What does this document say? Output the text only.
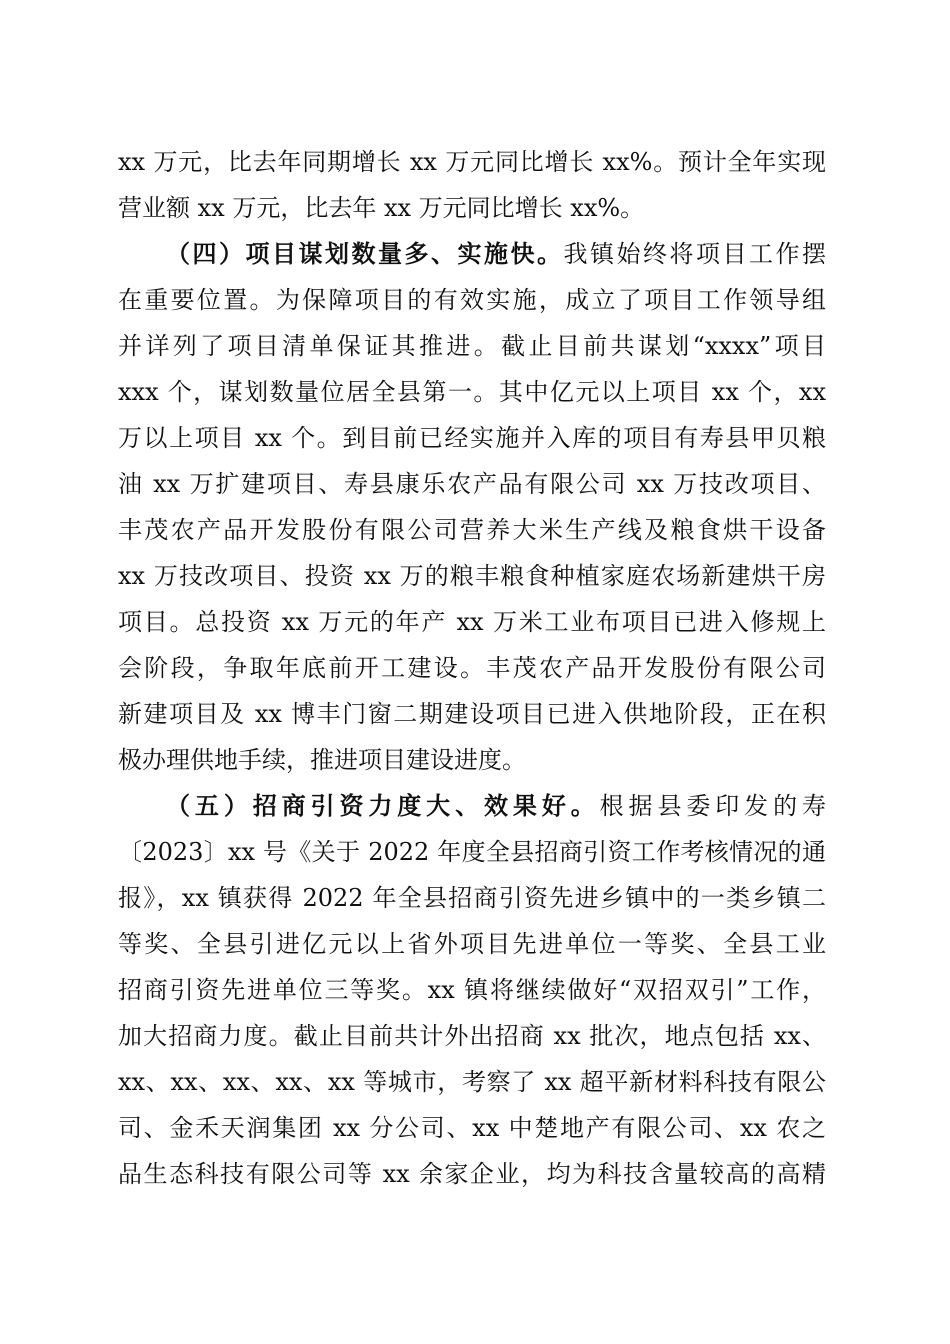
xx 万元，比去年同期增长 xx 万元同比增长 xx%。预计全年实现
营业额 xx 万元，比去年 xx 万元同比增长 xx%。
（四）项目谋划数量多、实施快。我镇始终将项目工作摆
在重要位置。为保障项目的有效实施，成立了项目工作领导组
并详列了项目清单保证其推进。截止目前共谋划“xxxx”项目
xxx 个，谋划数量位居全县第一。其中亿元以上项目 xx 个，xx
万以上项目 xx 个。到目前已经实施并入库的项目有寿县甲贝粮
油 xx 万扩建项目、寿县康乐农产品有限公司 xx 万技改项目、
丰茂农产品开发股份有限公司营养大米生产线及粮食烘干设备
xx 万技改项目、投资 xx 万的粮丰粮食种植家庭农场新建烘干房
项目。总投资 xx 万元的年产 xx 万米工业布项目已进入修规上
会阶段，争取年底前开工建设。丰茂农产品开发股份有限公司
新建项目及 xx 博丰门窗二期建设项目已进入供地阶段，正在积
极办理供地手续，推进项目建设进度。
（五）招商引资力度大、效果好。根据县委印发的寿
〔2023〕xx 号《关于 2022 年度全县招商引资工作考核情况的通
报》，xx 镇获得 2022 年全县招商引资先进乡镇中的一类乡镇二
等奖、全县引进亿元以上省外项目先进单位一等奖、全县工业
招商引资先进单位三等奖。xx 镇将继续做好“双招双引”工作，
加大招商力度。截止目前共计外出招商 xx 批次，地点包括 xx、
xx、xx、xx、xx、xx 等城市，考察了 xx 超平新材料科技有限公
司、金禾天润集团 xx 分公司、xx 中楚地产有限公司、xx 农之
品生态科技有限公司等 xx 余家企业，均为科技含量较高的高精
